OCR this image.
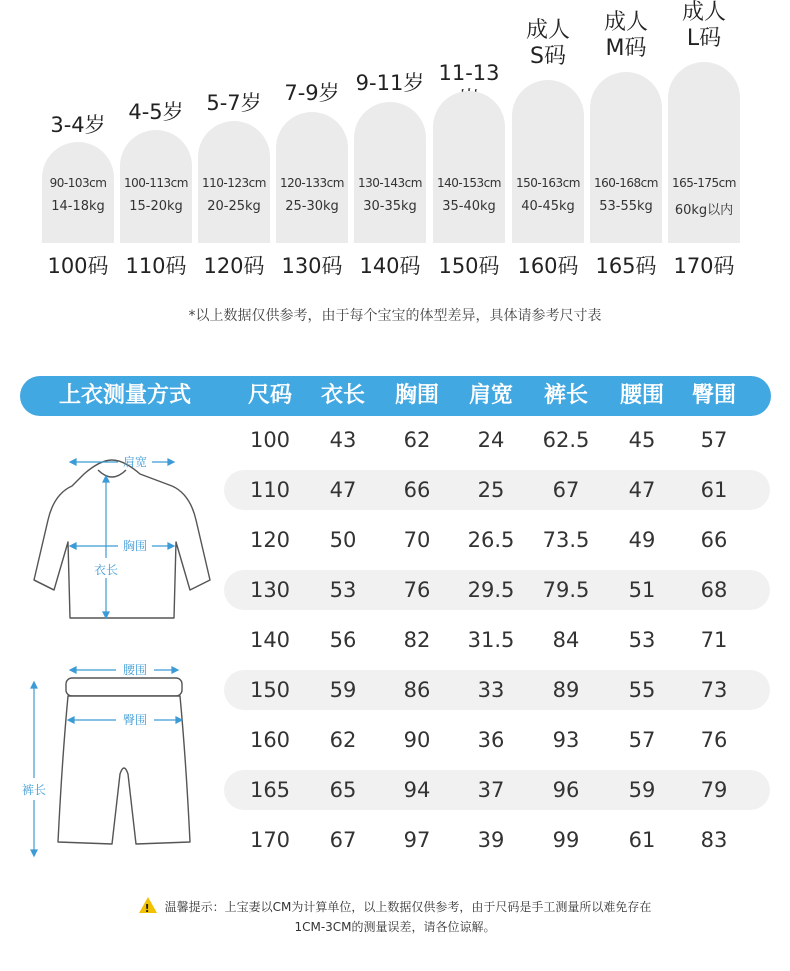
3-4岁
90-103cm
14-18kg
100码
4-5岁
100-113cm
15-20kg
110码
5-7岁
110-123cm
20-25kg
120码
7-9岁
120-133cm
25-30kg
130码
9-11岁
130-143cm
30-35kg
140码
11-13
140-153cm
35-40kg
150码
成人
S码
150-163cm
40-45kg
160码
成人
M码
160-168cm
53-55kg
165码
成人
L码
165-175cm
60kg以内
170码
*以上数据仅供参考，由于每个宝宝的体型差异，具体请参考尺寸表
上衣测量方式	尺码	衣长	胸围	肩宽	裤长	腰围	臀围
100	43	62	24	62.5	45	57
110	47	66	25	67	47	61
120	50	70	26.5	73.5	49	66
130	53	76	29.5	79.5	51	68
140	56	82	31.5	84	53	71
150	59	86	33	89	55	73
160	62	90	36	93	57	76
165	65	94	37	96	59	79
170	67	97	39	99	61	83
肩宽
胸围
衣长
腰围
臀围
裤长
! 温馨提示：上宝妻以CM为计算单位，以上数据仅供参考，由于尺码是手工测量所以难免存在
1CM-3CM的测量误差，请各位谅解。
